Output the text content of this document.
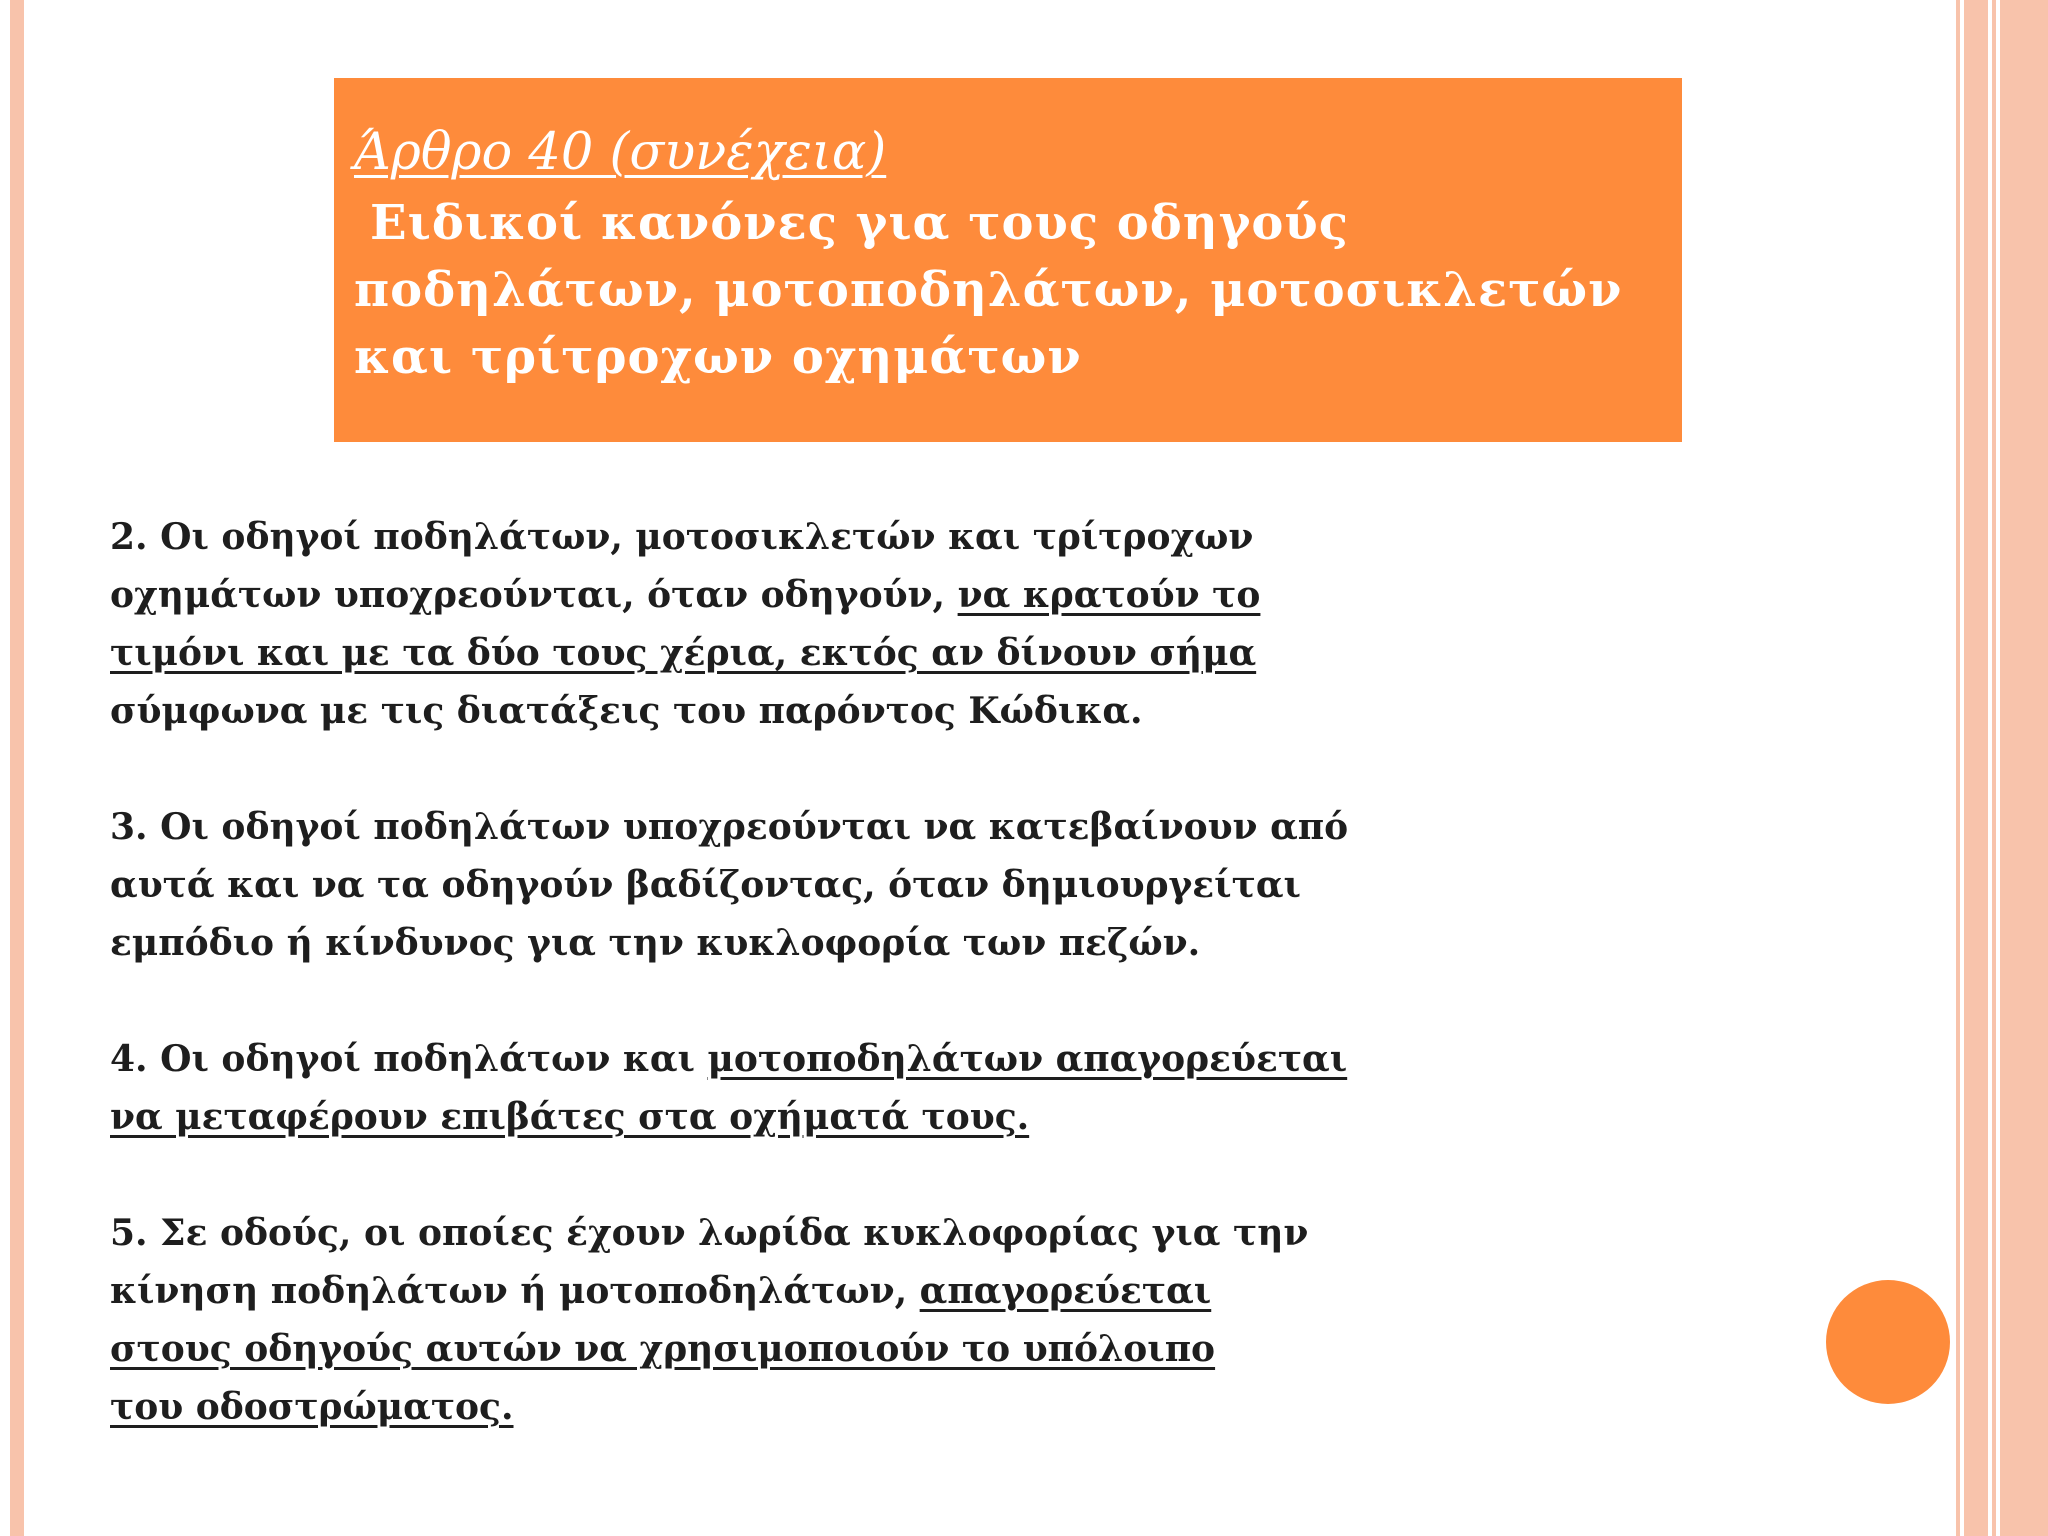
Άρθρο 40 (συνέχεια)

Ειδικοί κανόνες για τους οδηγούς
ποδηλάτων, μοτοποδηλάτων, μοτοσικλετών
και τρίτροχων οχημάτων

2. Οι οδηγοί ποδηλάτων, μοτοσικλετών και τρίτροχων
οχημάτων υποχρεούνται, όταν οδηγούν, να κρατούν το
τιμόνι και με τα δύο τους χέρια, εκτός αν δίνουν σήμα
σύμφωνα με τις διατάξεις του παρόντος Κώδικα.
3. Οι οδηγοί ποδηλάτων υποχρεούνται να κατεβαίνουν από
αυτά και να τα οδηγούν βαδίζοντας, όταν δημιουργείται
εμπόδιο ή κίνδυνος για την κυκλοφορία των πεζών.
4. Οι οδηγοί ποδηλάτων και μοτοποδηλάτων απαγορεύεται
να μεταφέρουν επιβάτες στα οχήματά τους.
5. Σε οδούς, οι οποίες έχουν λωρίδα κυκλοφορίας για την
κίνηση ποδηλάτων ή μοτοποδηλάτων, απαγορεύεται
στους οδηγούς αυτών να χρησιμοποιούν το υπόλοιπο
του οδοστρώματος.
